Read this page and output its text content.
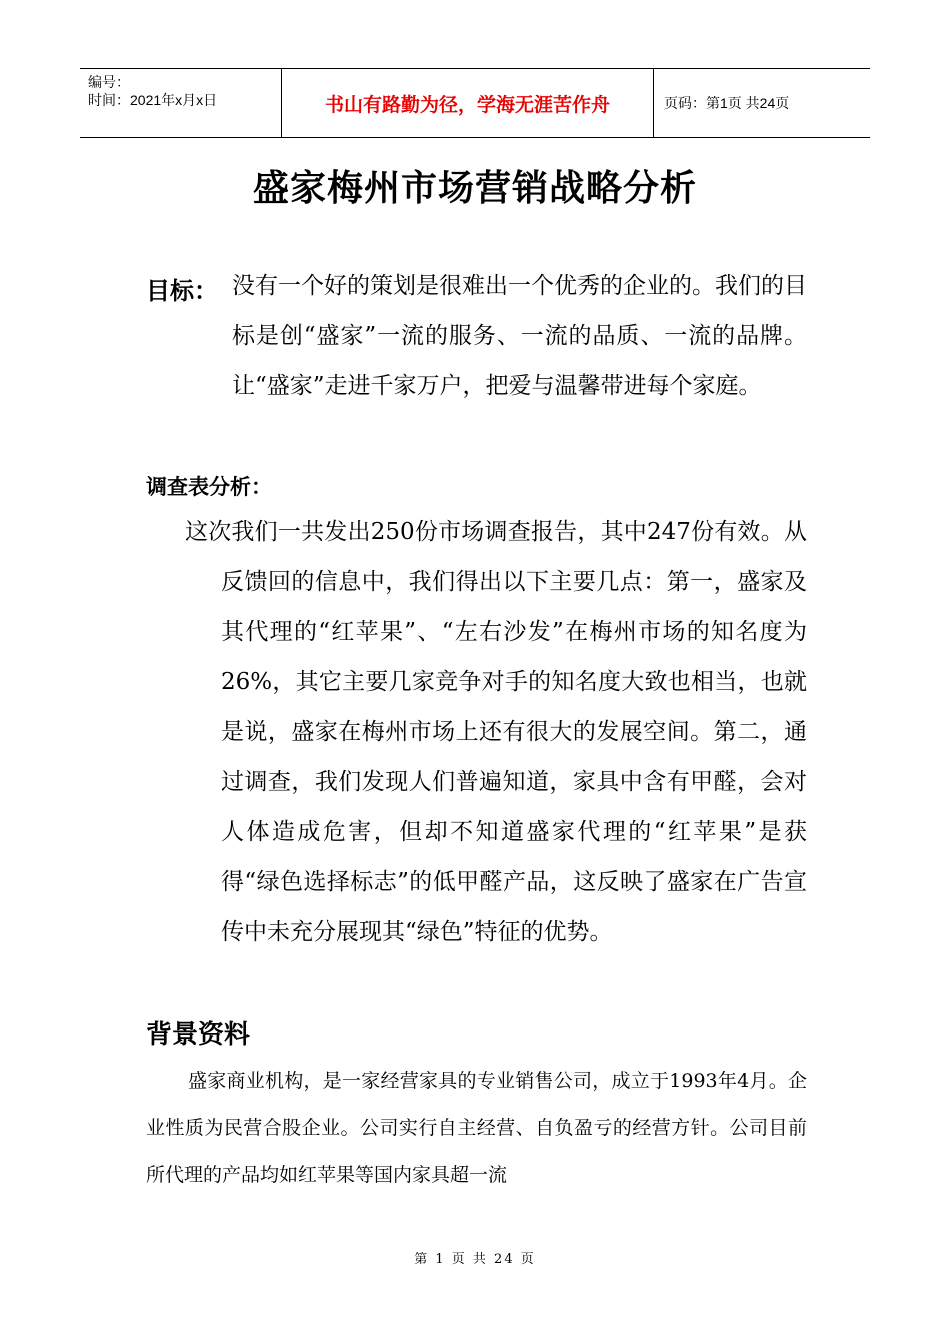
编号：
时间：2021年x月x日	书山有路勤为径，学海无涯苦作舟	页码：第1页 共24页
盛家梅州市场营销战略分析
目标： 没有一个好的策划是很难出一个优秀的企业的。我们的目标是创“盛家”一流的服务、一流的品质、一流的品牌。让“盛家”走进千家万户，把爱与温馨带进每个家庭。
调查表分析：
这次我们一共发出250份市场调查报告，其中247份有效。从反馈回的信息中，我们得出以下主要几点：第一，盛家及其代理的“红苹果”、“左右沙发”在梅州市场的知名度为26%，其它主要几家竞争对手的知名度大致也相当，也就是说，盛家在梅州市场上还有很大的发展空间。第二，通过调查，我们发现人们普遍知道，家具中含有甲醛，会对人体造成危害，但却不知道盛家代理的“红苹果”是获得“绿色选择标志”的低甲醛产品，这反映了盛家在广告宣传中未充分展现其“绿色”特征的优势。
背景资料
盛家商业机构，是一家经营家具的专业销售公司，成立于1993年4月。企业性质为民营合股企业。公司实行自主经营、自负盈亏的经营方针。公司目前所代理的产品均如红苹果等国内家具超一流
第 1 页 共 24 页
